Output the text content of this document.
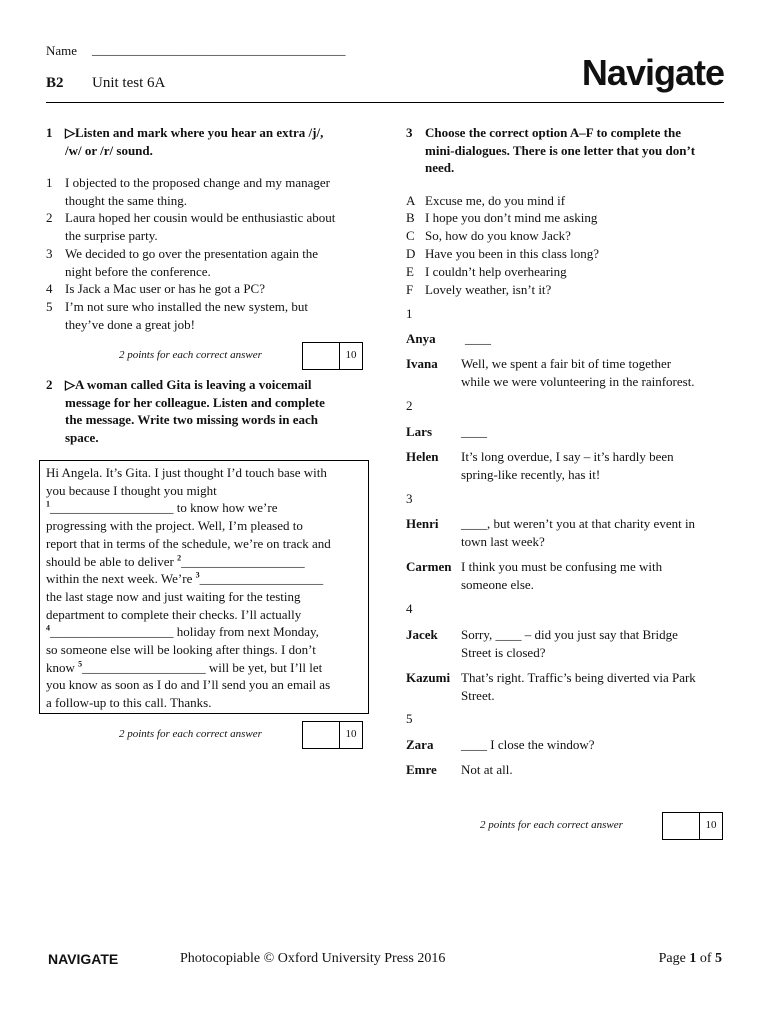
Name _______________________________________
B2 Unit test 6A	Navigate
1 ▷Listen and mark where you hear an extra /j/,
/w/ or /r/ sound.
1 I objected to the proposed change and my manager
thought the same thing.
2 Laura hoped her cousin would be enthusiastic about
the surprise party.
3 We decided to go over the presentation again the
night before the conference.
4 Is Jack a Mac user or has he got a PC?
5 I’m not sure who installed the new system, but
they’ve done a great job!
2 points for each correct answer	10
2 ▷A woman called Gita is leaving a voicemail
message for her colleague. Listen and complete
the message. Write two missing words in each
space.
Hi Angela. It’s Gita. I just thought I’d touch base with
you because I thought you might
$^1$___________________ to know how we’re
progressing with the project. Well, I’m pleased to
report that in terms of the schedule, we’re on track and
should be able to deliver $^2$___________________
within the next week. We’re $^3$___________________
the last stage now and just waiting for the testing
department to complete their checks. I’ll actually
$^4$___________________ holiday from next Monday,
so someone else will be looking after things. I don’t
know $^5$___________________ will be yet, but I’ll let
you know as soon as I do and I’ll send you an email as
a follow-up to this call. Thanks.
2 points for each correct answer	10
3 Choose the correct option A–F to complete the
mini-dialogues. There is one letter that you don’t
need.
A Excuse me, do you mind if
B I hope you don’t mind me asking
C So, how do you know Jack?
D Have you been in this class long?
E I couldn’t help overhearing
F Lovely weather, isn’t it?
1
Anya ____
Ivana Well, we spent a fair bit of time together
while we were volunteering in the rainforest.
2
Lars ____
Helen It’s long overdue, I say – it’s hardly been
spring-like recently, has it!
3
Henri ____, but weren’t you at that charity event in
town last week?
Carmen I think you must be confusing me with
someone else.
4
Jacek Sorry, ____ – did you just say that Bridge
Street is closed?
Kazumi That’s right. Traffic’s being diverted via Park
Street.
5
Zara ____ I close the window?
Emre Not at all.
2 points for each correct answer	10
NAVIGATE	Photocopiable © Oxford University Press 2016	Page 1 of 5
